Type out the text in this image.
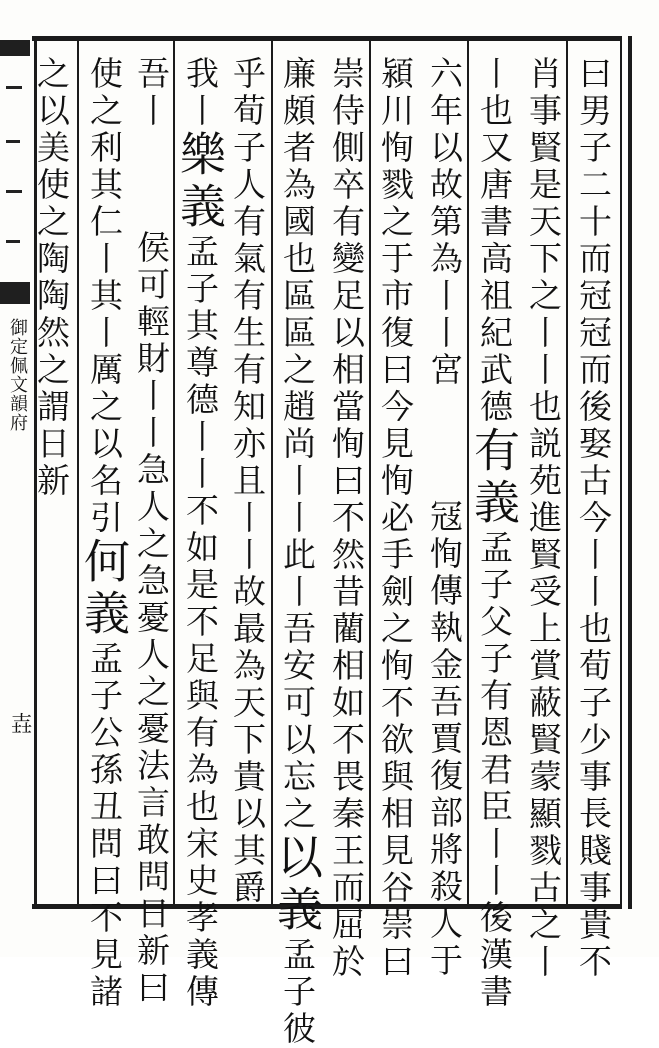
御定佩文韻府
壵	曰男子二十而冠冠而後娶古今丨丨也荀子少事長賤事貴不
肖事賢是天下之丨丨也説苑進賢受上賞蔽賢蒙顯戮古之丨
丨也又唐書高祖紀武德有義孟子父子有恩君臣丨丨後漢書
六年以故第為丨丨宮冦恂傳執金吾賈復部將殺人于
潁川恂戮之于市復曰今見恂必手劍之恂不欲與相見谷崇曰
崇侍側卒有變足以相當恂曰不然昔藺相如不畏秦王而屈於
廉頗者為國也區區之趙尚丨丨此丨吾安可以忘之以義孟子彼
乎荀子人有氣有生有知亦且丨丨故最為天下貴以其爵
我丨樂義孟子其尊德丨丨不如是不足與有為也宋史孝義傳
吾丨侯可輕財丨丨急人之急憂人之憂法言敢問日新曰
使之利其仁丨其丨厲之以名引何義孟子公孫丑問曰不見諸
之以美使之陶陶然之謂日新
